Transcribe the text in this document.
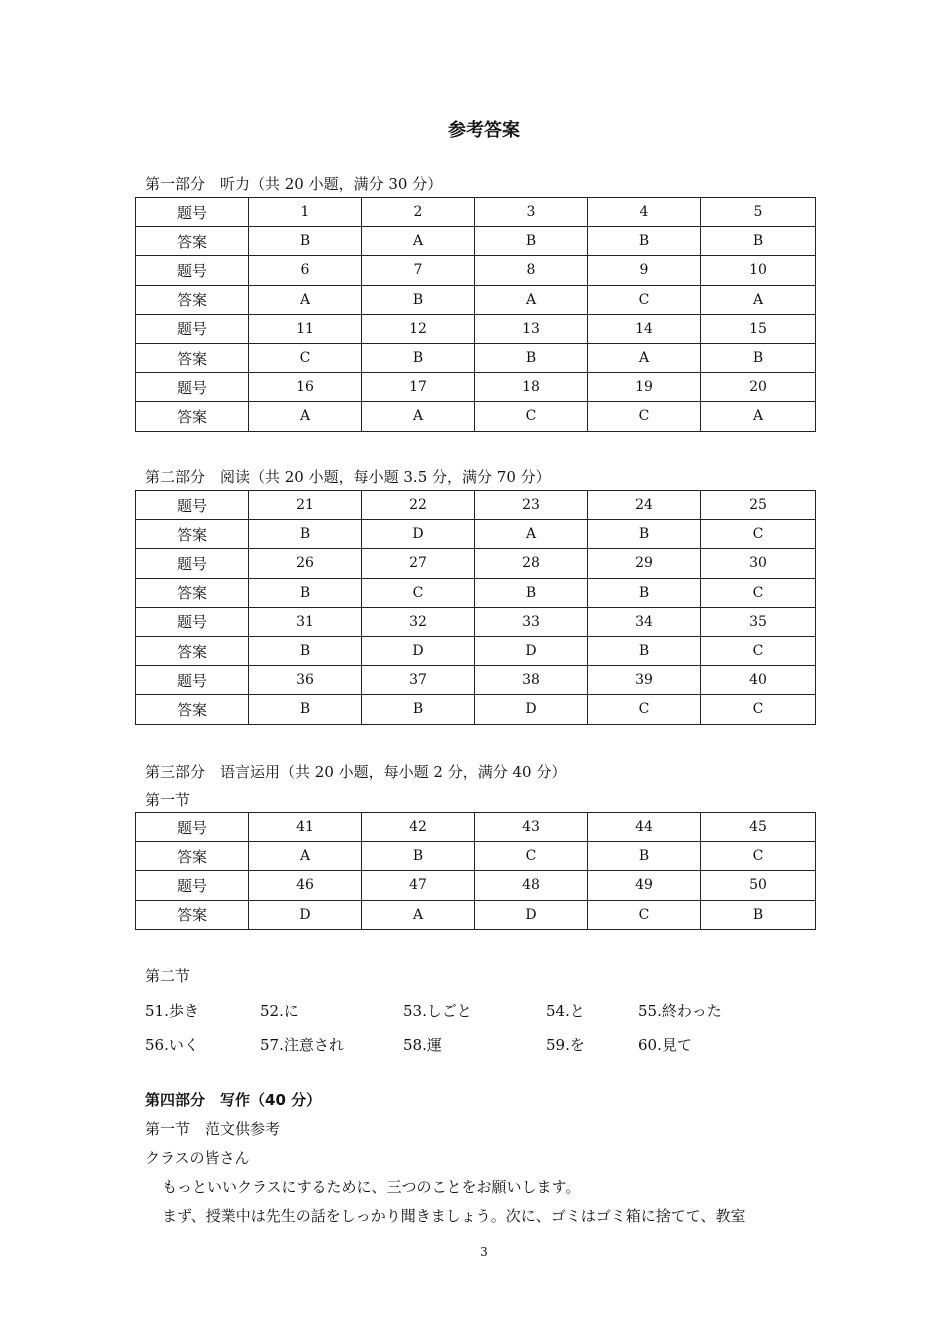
参考答案
第一部分　听力（共 20 小题，满分 30 分）
题号	1	2	3	4	5
答案	B	A	B	B	B
题号	6	7	8	9	10
答案	A	B	A	C	A
题号	11	12	13	14	15
答案	C	B	B	A	B
题号	16	17	18	19	20
答案	A	A	C	C	A
第二部分　阅读（共 20 小题，每小题 3.5 分，满分 70 分）
题号	21	22	23	24	25
答案	B	D	A	B	C
题号	26	27	28	29	30
答案	B	C	B	B	C
题号	31	32	33	34	35
答案	B	D	D	B	C
题号	36	37	38	39	40
答案	B	B	D	C	C
第三部分　语言运用（共 20 小题，每小题 2 分，满分 40 分）
第一节
题号	41	42	43	44	45
答案	A	B	C	B	C
题号	46	47	48	49	50
答案	D	A	D	C	B
第二节
51.歩き	52.に	53.しごと	54.と	55.終わった
56.いく	57.注意され	58.運	59.を	60.見て
第四部分　写作（40 分）
第一节　范文供参考
クラスの皆さん
もっといいクラスにするために、三つのことをお願いします。
まず、授業中は先生の話をしっかり聞きましょう。次に、ゴミはゴミ箱に捨てて、教室
3
